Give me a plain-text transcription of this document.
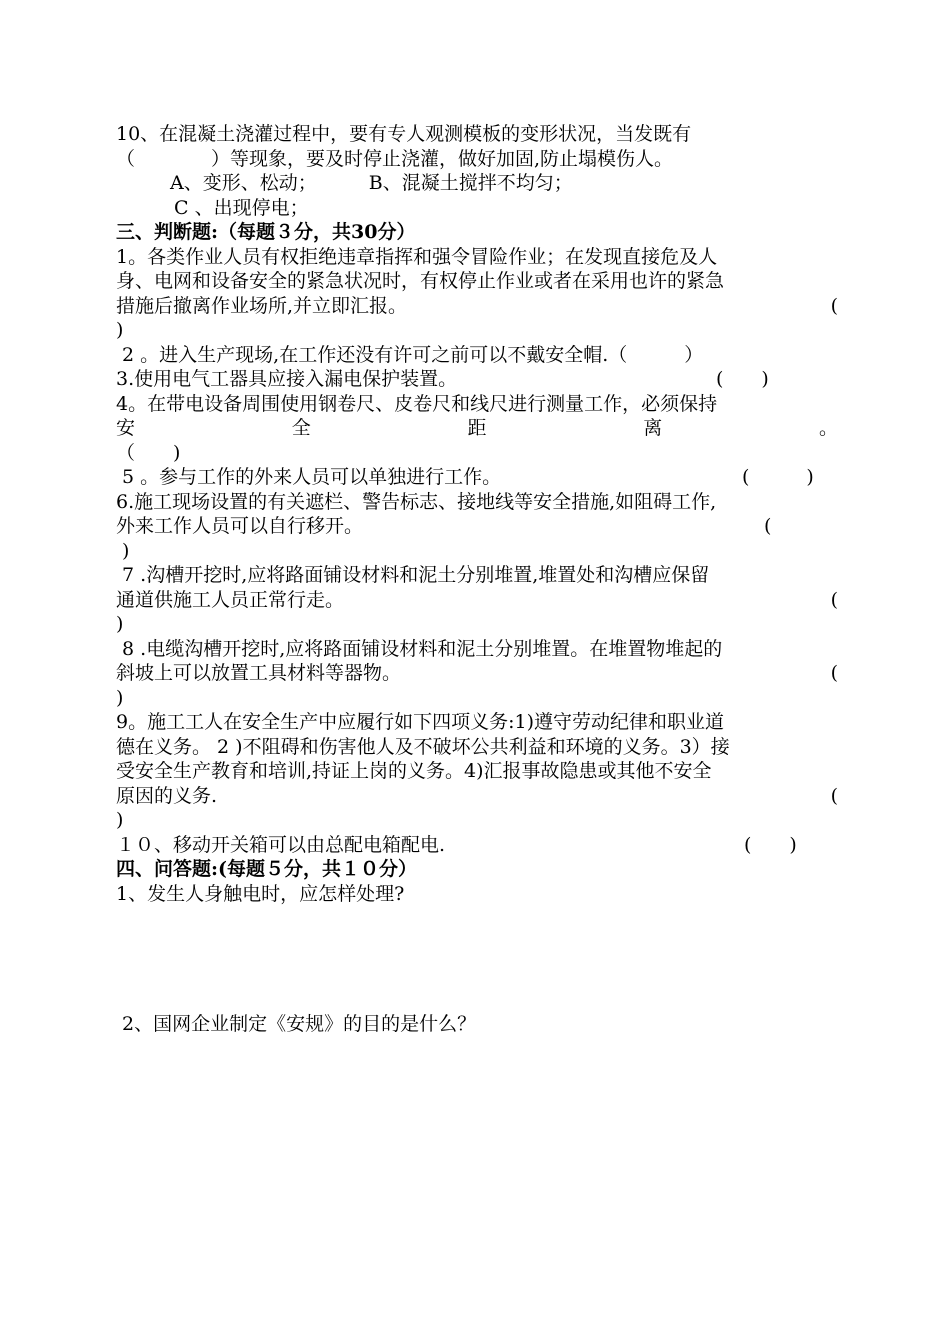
10、在混凝土浇灌过程中，要有专人观测模板的变形状况，当发既有
（　　　　）等现象，要及时停止浇灌，做好加固,防止塌模伤人。
A、变形、松动；	B、混凝土搅拌不均匀；
C 、出现停电；
三、判断题:（每题３分，共30分）
1。各类作业人员有权拒绝违章指挥和强令冒险作业；在发现直接危及人
身、电网和设备安全的紧急状况时，有权停止作业或者在采用也许的紧急
措施后撤离作业场所,并立即汇报。	(
)
2 。进入生产现场,在工作还没有许可之前可以不戴安全帽.（　　　）
3.使用电气工器具应接入漏电保护装置。	(　　)
4。在带电设备周围使用钢卷尺、皮卷尺和线尺进行测量工作，必须保持
安	全	距	离	。
（　　)
5 。参与工作的外来人员可以单独进行工作。	(　　　)
6.施工现场设置的有关遮栏、警告标志、接地线等安全措施,如阻碍工作,
外来工作人员可以自行移开。	(
)
7 .沟槽开挖时,应将路面铺设材料和泥土分别堆置,堆置处和沟槽应保留
通道供施工人员正常行走。	(
)
8 .电缆沟槽开挖时,应将路面铺设材料和泥土分别堆置。在堆置物堆起的
斜坡上可以放置工具材料等器物。	(
)
9。施工工人在安全生产中应履行如下四项义务:1)遵守劳动纪律和职业道
德在义务。 2 )不阻碍和伤害他人及不破坏公共利益和环境的义务。3）接
受安全生产教育和培训,持证上岗的义务。4)汇报事故隐患或其他不安全
原因的义务.	(
)
１０、移动开关箱可以由总配电箱配电.	(　　)
四、问答题:(每题５分，共１０分）
1、发生人身触电时，应怎样处理?
2、国网企业制定《安规》的目的是什么？
